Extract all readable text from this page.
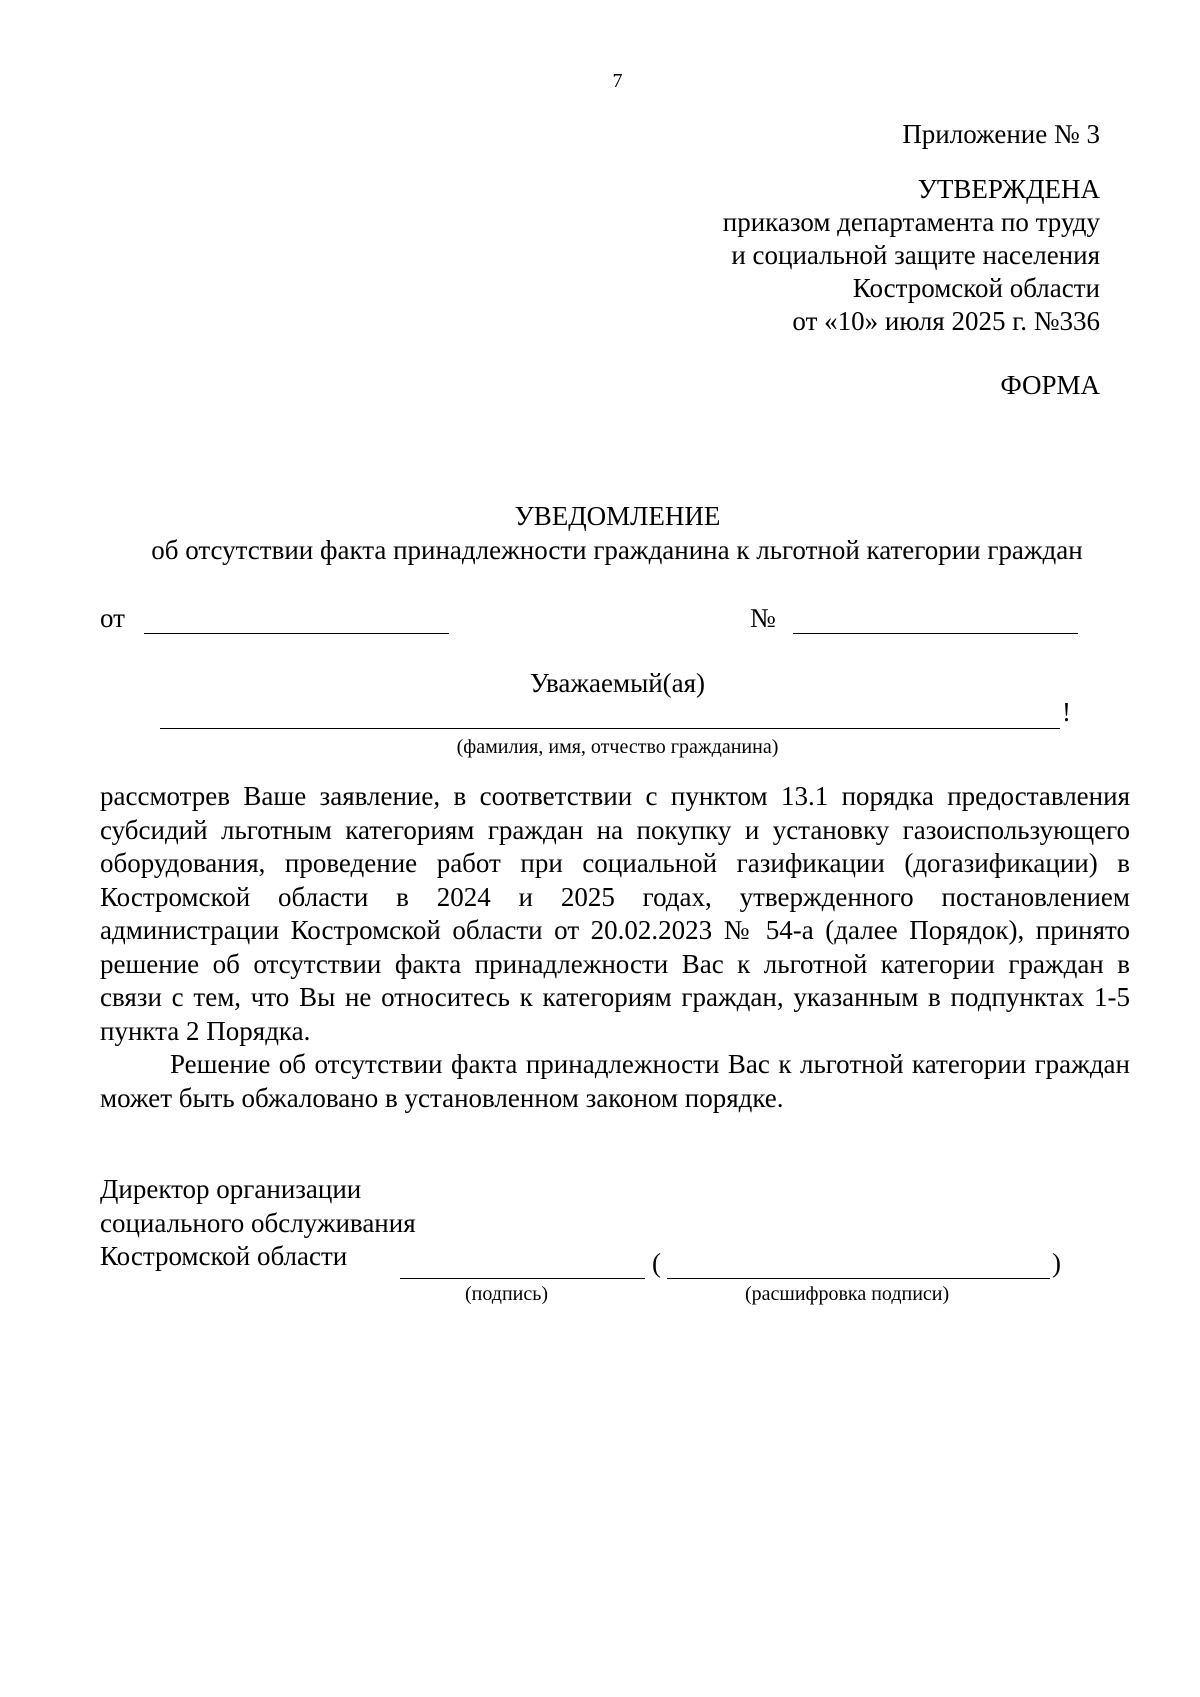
7
Приложение № 3
УТВЕРЖДЕНА
приказом департамента по труду
и социальной защите населения
Костромской области
от «10» июля 2025 г. №336
ФОРМА
УВЕДОМЛЕНИЕ
об отсутствии факта принадлежности гражданина к льготной категории граждан
от	№
Уважаемый(ая)
!
(фамилия, имя, отчество гражданина)

рассмотрев Ваше заявление, в соответствии с пунктом 13.1 порядка предоставления субсидий льготным категориям граждан на покупку и установку газоиспользующего оборудования, проведение работ при социальной газификации (догазификации) в Костромской области в 2024 и 2025 годах, утвержденного постановлением администрации Костромской области от 20.02.2023 № 54-а (далее Порядок), принято решение об отсутствии факта принадлежности Вас к льготной категории граждан в связи с тем, что Вы не относитесь к категориям граждан, указанным в подпунктах 1-5 пункта 2 Порядка.

Решение об отсутствии факта принадлежности Вас к льготной категории граждан может быть обжаловано в установленном законом порядке.

Директор организации
социального обслуживания
Костромской области	(	)
(подпись)	(расшифровка подписи)
